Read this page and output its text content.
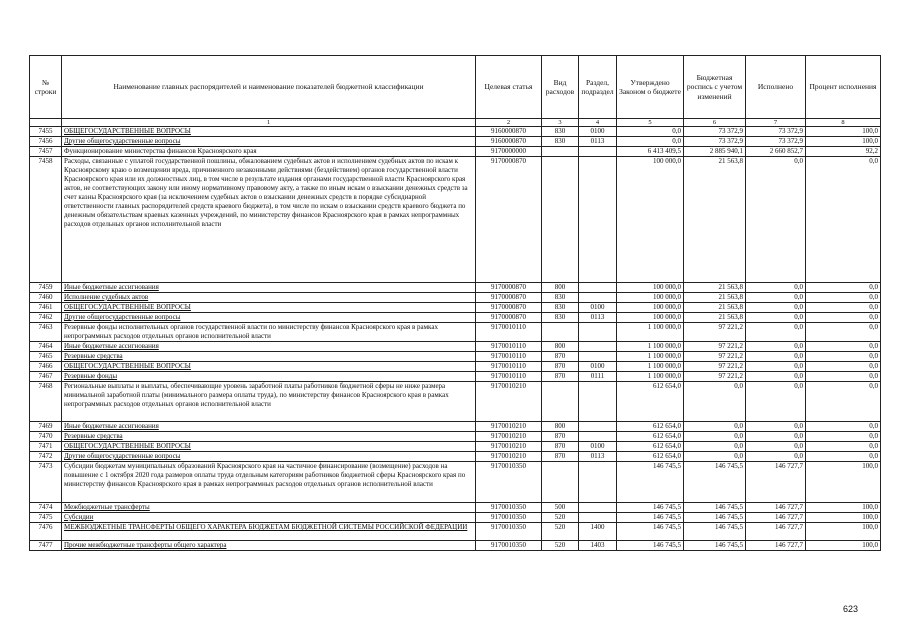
№ строки	Наименование главных распорядителей и наименование показателей бюджетной классификации	Целевая статья	Вид расходов	Раздел, подраздел	Утверждено Законом о бюджете	Бюджетная роспись с учетом изменений	Исполнено	Процент исполнения
	1	2	3	4	5	6	7	8
7455	ОБЩЕГОСУДАРСТВЕННЫЕ ВОПРОСЫ	9160000870	830	0100	0,0	73 372,9	73 372,9	100,0
7456	Другие общегосударственные вопросы	9160000870	830	0113	0,0	73 372,9	73 372,9	100,0
7457	Функционирование министерства финансов Красноярского края	9170000000			6 413 409,5	2 885 940,1	2 660 852,7	92,2
7458	Расходы, связанные с уплатой государственной пошлины, обжалованием судебных актов и исполнением судебных актов по искам к Красноярскому краю о возмещении вреда, причиненного незаконными действиями (бездействием) органов государственной власти Красноярского края или их должностных лиц, в том числе в результате издания органами государственной власти Красноярского края актов, не соответствующих закону или иному нормативному правовому акту, а также по иным искам о взыскании денежных средств за счет казны Красноярского края (за исключением судебных актов о взыскании денежных средств в порядке субсидиарной ответственности главных распорядителей средств краевого бюджета), в том числе по искам о взыскании средств краевого бюджета по денежным обязательствам краевых казенных учреждений, по министерству финансов Красноярского края в рамках непрограммных расходов отдельных органов исполнительной власти	9170000870			100 000,0	21 563,8	0,0	0,0
7459	Иные бюджетные ассигнования	9170000870	800		100 000,0	21 563,8	0,0	0,0
7460	Исполнение судебных актов	9170000870	830		100 000,0	21 563,8	0,0	0,0
7461	ОБЩЕГОСУДАРСТВЕННЫЕ ВОПРОСЫ	9170000870	830	0100	100 000,0	21 563,8	0,0	0,0
7462	Другие общегосударственные вопросы	9170000870	830	0113	100 000,0	21 563,8	0,0	0,0
7463	Резервные фонды исполнительных органов государственной власти по министерству финансов Красноярского края в рамках непрограммных расходов отдельных органов исполнительной власти	9170010110			1 100 000,0	97 221,2	0,0	0,0
7464	Иные бюджетные ассигнования	9170010110	800		1 100 000,0	97 221,2	0,0	0,0
7465	Резервные средства	9170010110	870		1 100 000,0	97 221,2	0,0	0,0
7466	ОБЩЕГОСУДАРСТВЕННЫЕ ВОПРОСЫ	9170010110	870	0100	1 100 000,0	97 221,2	0,0	0,0
7467	Резервные фонды	9170010110	870	0111	1 100 000,0	97 221,2	0,0	0,0
7468	Региональные выплаты и выплаты, обеспечивающие уровень заработной платы работников бюджетной сферы не ниже размера минимальной заработной платы (минимального размера оплаты труда), по министерству финансов Красноярского края в рамках непрограммных расходов отдельных органов исполнительной власти	9170010210			612 654,0	0,0	0,0	0,0
7469	Иные бюджетные ассигнования	9170010210	800		612 654,0	0,0	0,0	0,0
7470	Резервные средства	9170010210	870		612 654,0	0,0	0,0	0,0
7471	ОБЩЕГОСУДАРСТВЕННЫЕ ВОПРОСЫ	9170010210	870	0100	612 654,0	0,0	0,0	0,0
7472	Другие общегосударственные вопросы	9170010210	870	0113	612 654,0	0,0	0,0	0,0
7473	Субсидии бюджетам муниципальных образований Красноярского края на частичное финансирование (возмещение) расходов на повышение с 1 октября 2020 года размеров оплаты труда отдельным категориям работников бюджетной сферы Красноярского края по министерству финансов Красноярского края в рамках непрограммных расходов отдельных органов исполнительной власти	9170010350			146 745,5	146 745,5	146 727,7	100,0
7474	Межбюджетные трансферты	9170010350	500		146 745,5	146 745,5	146 727,7	100,0
7475	Субсидии	9170010350	520		146 745,5	146 745,5	146 727,7	100,0
7476	МЕЖБЮДЖЕТНЫЕ ТРАНСФЕРТЫ ОБЩЕГО ХАРАКТЕРА БЮДЖЕТАМ БЮДЖЕТНОЙ СИСТЕМЫ РОССИЙСКОЙ ФЕДЕРАЦИИ	9170010350	520	1400	146 745,5	146 745,5	146 727,7	100,0
7477	Прочие межбюджетные трансферты общего характера	9170010350	520	1403	146 745,5	146 745,5	146 727,7	100,0
623
